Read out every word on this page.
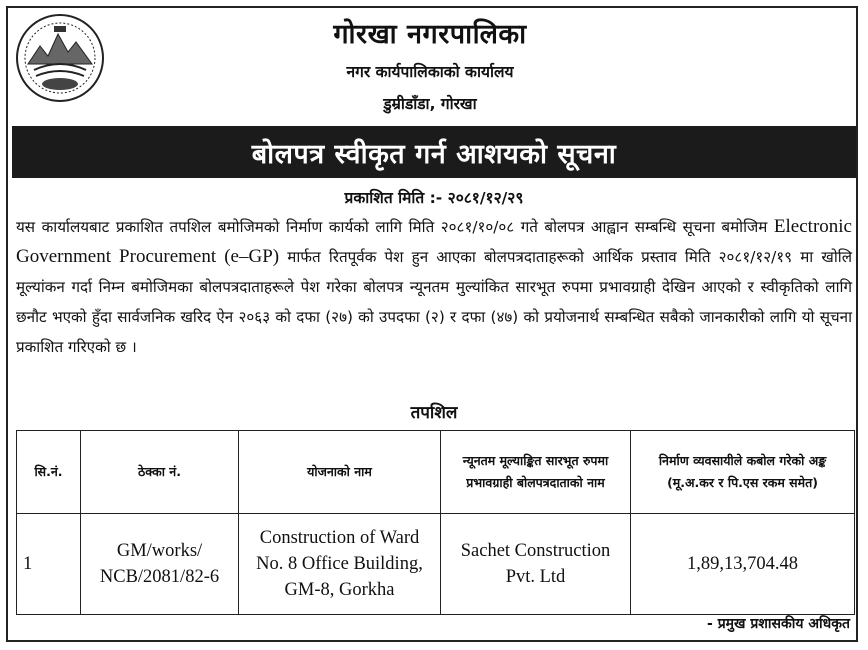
गोरखा नगरपालिका
नगर कार्यपालिकाको कार्यालय
डुम्रीडाँडा, गोरखा
बोलपत्र स्वीकृत गर्न आशयको सूचना
प्रकाशित मिति :- २०८१/१२/२९

यस कार्यालयबाट प्रकाशित तपशिल बमोजिमको निर्माण कार्यको लागि मिति २०८१/१०/०८ गते बोलपत्र आह्वान सम्बन्धि सूचना बमोजिम Electronic Government Procurement (e–GP) मार्फत रितपूर्वक पेश हुन आएका बोलपत्रदाताहरूको आर्थिक प्रस्ताव मिति २०८१/१२/१९ मा खोलि मूल्यांकन गर्दा निम्न बमोजिमका बोलपत्रदाताहरूले पेश गरेका बोलपत्र न्यूनतम मुल्यांकित सारभूत रुपमा प्रभावग्राही देखिन आएको र स्वीकृतिको लागि छनौट भएको हुँदा सार्वजनिक खरिद ऐन २०६३ को दफा (२७) को उपदफा (२) र दफा (४७) को प्रयोजनार्थ सम्बन्धित सबैको जानकारीको लागि यो सूचना प्रकाशित गरिएको छ ।

तपशिल
सि.नं.	ठेक्का नं.	योजनाको नाम	न्यूनतम मूल्याङ्कित सारभूत रुपमा प्रभावग्राही बोलपत्रदाताको नाम	निर्माण व्यवसायीले कबोल गरेको अङ्क (मू.अ.कर र पि.एस रकम समेत)
1	GM/works/ NCB/2081/82-6	Construction of Ward No. 8 Office Building, GM-8, Gorkha	Sachet Construction Pvt. Ltd	1,89,13,704.48
- प्रमुख प्रशासकीय अधिकृत
